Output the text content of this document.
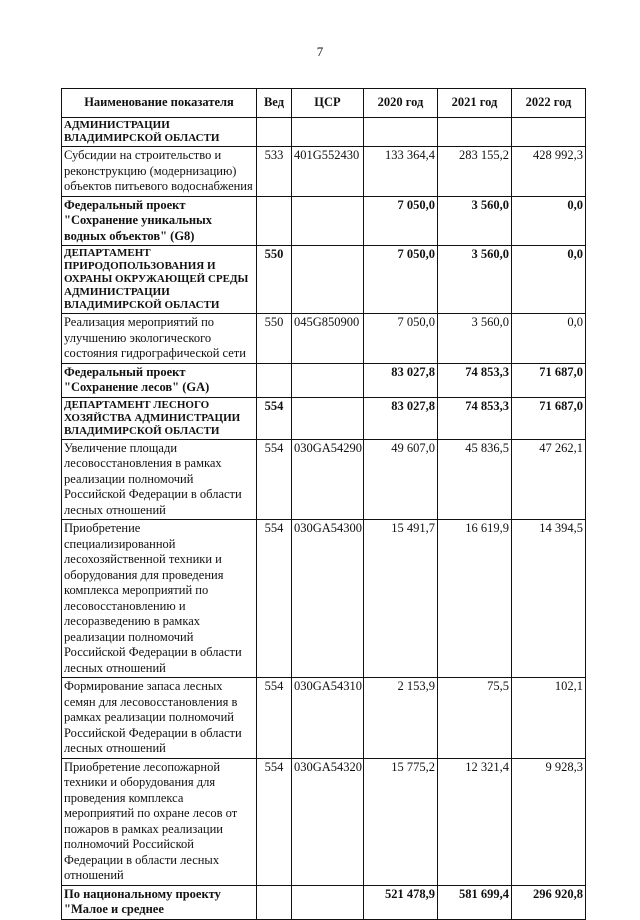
7
Наименование показателя	Вед	ЦСР	2020 год	2021 год	2022 год
АДМИНИСТРАЦИИ ВЛАДИМИРСКОЙ ОБЛАСТИ					
Субсидии на строительство и реконструкцию (модернизацию) объектов питьевого водоснабжения	533	401G552430	133 364,4	283 155,2	428 992,3
Федеральный проект "Сохранение уникальных водных объектов" (G8)			7 050,0	3 560,0	0,0
ДЕПАРТАМЕНТ ПРИРОДОПОЛЬЗОВАНИЯ И ОХРАНЫ ОКРУЖАЮЩЕЙ СРЕДЫ АДМИНИСТРАЦИИ ВЛАДИМИРСКОЙ ОБЛАСТИ	550		7 050,0	3 560,0	0,0
Реализация мероприятий по улучшению экологического состояния гидрографической сети	550	045G850900	7 050,0	3 560,0	0,0
Федеральный проект "Сохранение лесов" (GA)			83 027,8	74 853,3	71 687,0
ДЕПАРТАМЕНТ ЛЕСНОГО ХОЗЯЙСТВА АДМИНИСТРАЦИИ ВЛАДИМИРСКОЙ ОБЛАСТИ	554		83 027,8	74 853,3	71 687,0
Увеличение площади лесовосстановления в рамках реализации полномочий Российской Федерации в области лесных отношений	554	030GA54290	49 607,0	45 836,5	47 262,1
Приобретение специализированной лесохозяйственной техники и оборудования для проведения комплекса мероприятий по лесовосстановлению и лесоразведению в рамках реализации полномочий Российской Федерации в области лесных отношений	554	030GA54300	15 491,7	16 619,9	14 394,5
Формирование запаса лесных семян для лесовосстановления в рамках реализации полномочий Российской Федерации в области лесных отношений	554	030GA54310	2 153,9	75,5	102,1
Приобретение лесопожарной техники и оборудования для проведения комплекса мероприятий по охране лесов от пожаров в рамках реализации полномочий Российской Федерации в области лесных отношений	554	030GA54320	15 775,2	12 321,4	9 928,3
По национальному проекту "Малое и среднее			521 478,9	581 699,4	296 920,8
